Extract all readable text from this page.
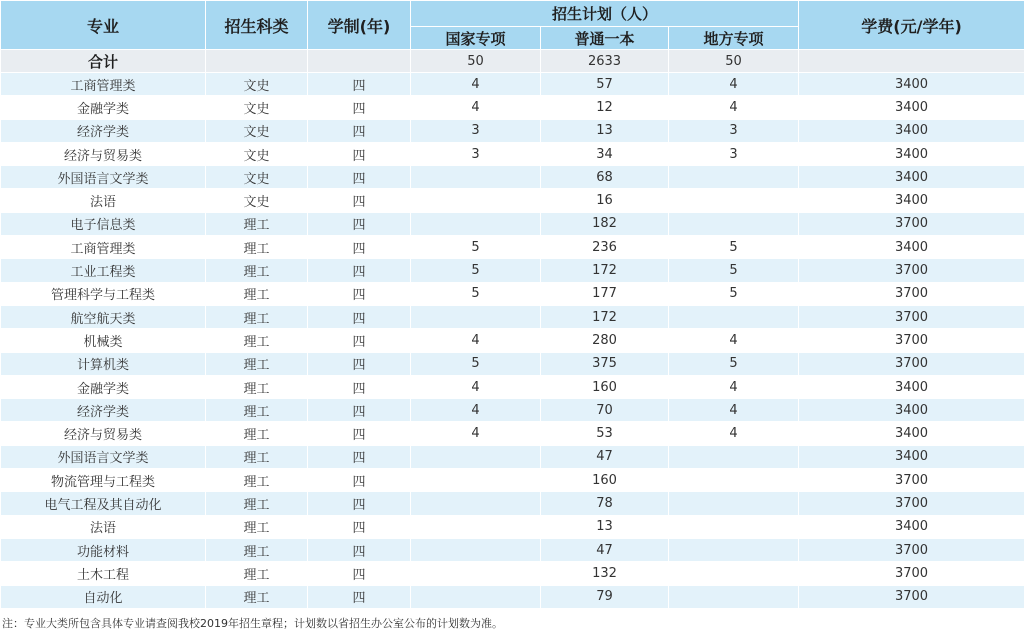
专业	招生科类	学制(年)	招生计划（人）			学费(元/学年)
			国家专项	普通一本	地方专项	
合计			50	2633	50	
工商管理类	文史	四	4	57	4	3400
金融学类	文史	四	4	12	4	3400
经济学类	文史	四	3	13	3	3400
经济与贸易类	文史	四	3	34	3	3400
外国语言文学类	文史	四		68		3400
法语	文史	四		16		3400
电子信息类	理工	四		182		3700
工商管理类	理工	四	5	236	5	3400
工业工程类	理工	四	5	172	5	3700
管理科学与工程类	理工	四	5	177	5	3700
航空航天类	理工	四		172		3700
机械类	理工	四	4	280	4	3700
计算机类	理工	四	5	375	5	3700
金融学类	理工	四	4	160	4	3400
经济学类	理工	四	4	70	4	3400
经济与贸易类	理工	四	4	53	4	3400
外国语言文学类	理工	四		47		3400
物流管理与工程类	理工	四		160		3700
电气工程及其自动化	理工	四		78		3700
法语	理工	四		13		3400
功能材料	理工	四		47		3700
土木工程	理工	四		132		3700
自动化	理工	四		79		3700
注：专业大类所包含具体专业请查阅我校2019年招生章程；计划数以省招生办公室公布的计划数为准。
